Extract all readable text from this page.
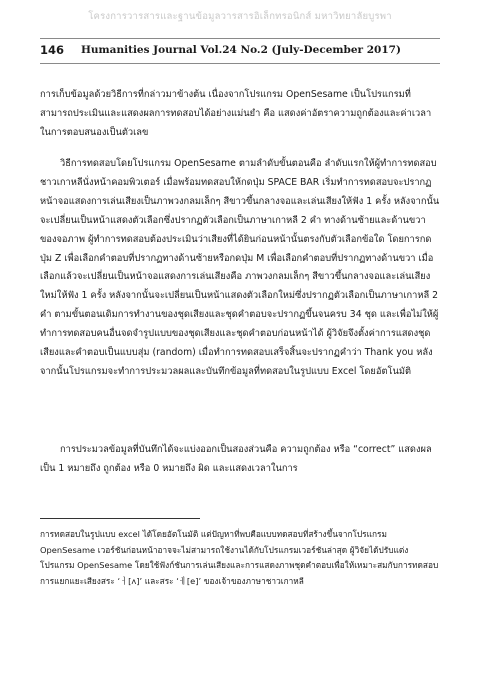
โครงการวารสารและฐานข้อมูลวารสารอิเล็กทรอนิกส์ มหาวิทยาลัยบูรพา
146 Humanities Journal Vol.24 No.2 (July-December 2017)

การเก็บข้อมูลด้วยวิธีการที่กล่าวมาข้างต้น เนื่องจากโปรแกรม OpenSesame เป็นโปรแกรมที่สามารถประเมินและแสดงผลการทดสอบได้อย่างแม่นยำ คือ แสดงค่าอัตราความถูกต้องและค่าเวลาในการตอบสนองเป็นตัวเลข

วิธีการทดสอบโดยโปรแกรม OpenSesame ตามลำดับขั้นตอนคือ ลำดับแรกให้ผู้ทำการทดสอบชาวเกาหลีนั่งหน้าคอมพิวเตอร์ เมื่อพร้อมทดสอบให้กดปุ่ม SPACE BAR เริ่มทำการทดสอบจะปรากฏหน้าจอแสดงการเล่นเสียงเป็นภาพวงกลมเล็กๆ สีขาวขึ้นกลางจอและเล่นเสียงให้ฟัง 1 ครั้ง หลังจากนั้นจะเปลี่ยนเป็นหน้าแสดงตัวเลือกซึ่งปรากฏตัวเลือกเป็นภาษาเกาหลี 2 คำ ทางด้านซ้ายและด้านขวาของจอภาพ ผู้ทำการทดสอบต้องประเมินว่าเสียงที่ได้ยินก่อนหน้านั้นตรงกับตัวเลือกข้อใด โดยการกดปุ่ม Z เพื่อเลือกคำตอบที่ปรากฏทางด้านซ้ายหรือกดปุ่ม M เพื่อเลือกคำตอบที่ปรากฏทางด้านขวา เมื่อเลือกแล้วจะเปลี่ยนเป็นหน้าจอแสดงการเล่นเสียงคือ ภาพวงกลมเล็กๆ สีขาวขึ้นกลางจอและเล่นเสียงใหม่ให้ฟัง 1 ครั้ง หลังจากนั้นจะเปลี่ยนเป็นหน้าแสดงตัวเลือกใหม่ซึ่งปรากฏตัวเลือกเป็นภาษาเกาหลี 2 คำ ตามขั้นตอนเดิมการทำงานของชุดเสียงและชุดคำตอบจะปรากฏขึ้นจนครบ 34 ชุด และเพื่อไม่ให้ผู้ทำการทดสอบคนอื่นจดจำรูปแบบของชุดเสียงและชุดคำตอบก่อนหน้าได้ ผู้วิจัยจึงตั้งค่าการแสดงชุดเสียงและคำตอบเป็นแบบสุ่ม (random) เมื่อทำการทดสอบเสร็จสิ้นจะปรากฏคำว่า Thank you หลังจากนั้นโปรแกรมจะทำการประมวลผลและบันทึกข้อมูลที่ทดสอบในรูปแบบ Excel โดยอัตโนมัติ

การประมวลข้อมูลที่บันทึกได้จะแบ่งออกเป็นสองส่วนคือ ความถูกต้อง หรือ “correct” แสดงผลเป็น 1 หมายถึง ถูกต้อง หรือ 0 หมายถึง ผิด และแสดงเวลาในการ

การทดสอบในรูปแบบ excel ได้โดยอัตโนมัติ แต่ปัญหาที่พบคือแบบทดสอบที่สร้างขึ้นจากโปรแกรม OpenSesame เวอร์ชันก่อนหน้าอาจจะไม่สามารถใช้งานได้กับโปรแกรมเวอร์ชันล่าสุด ผู้วิจัยได้ปรับแต่งโปรแกรม OpenSesame โดยใช้ฟังก์ชันการเล่นเสียงและการแสดงภาพชุดคำตอบเพื่อให้เหมาะสมกับการทดสอบการแยกแยะเสียงสระ ‘ㅓ[ʌ]’ และสระ ‘ㅔ[e]’ ของเจ้าของภาษาชาวเกาหลี
